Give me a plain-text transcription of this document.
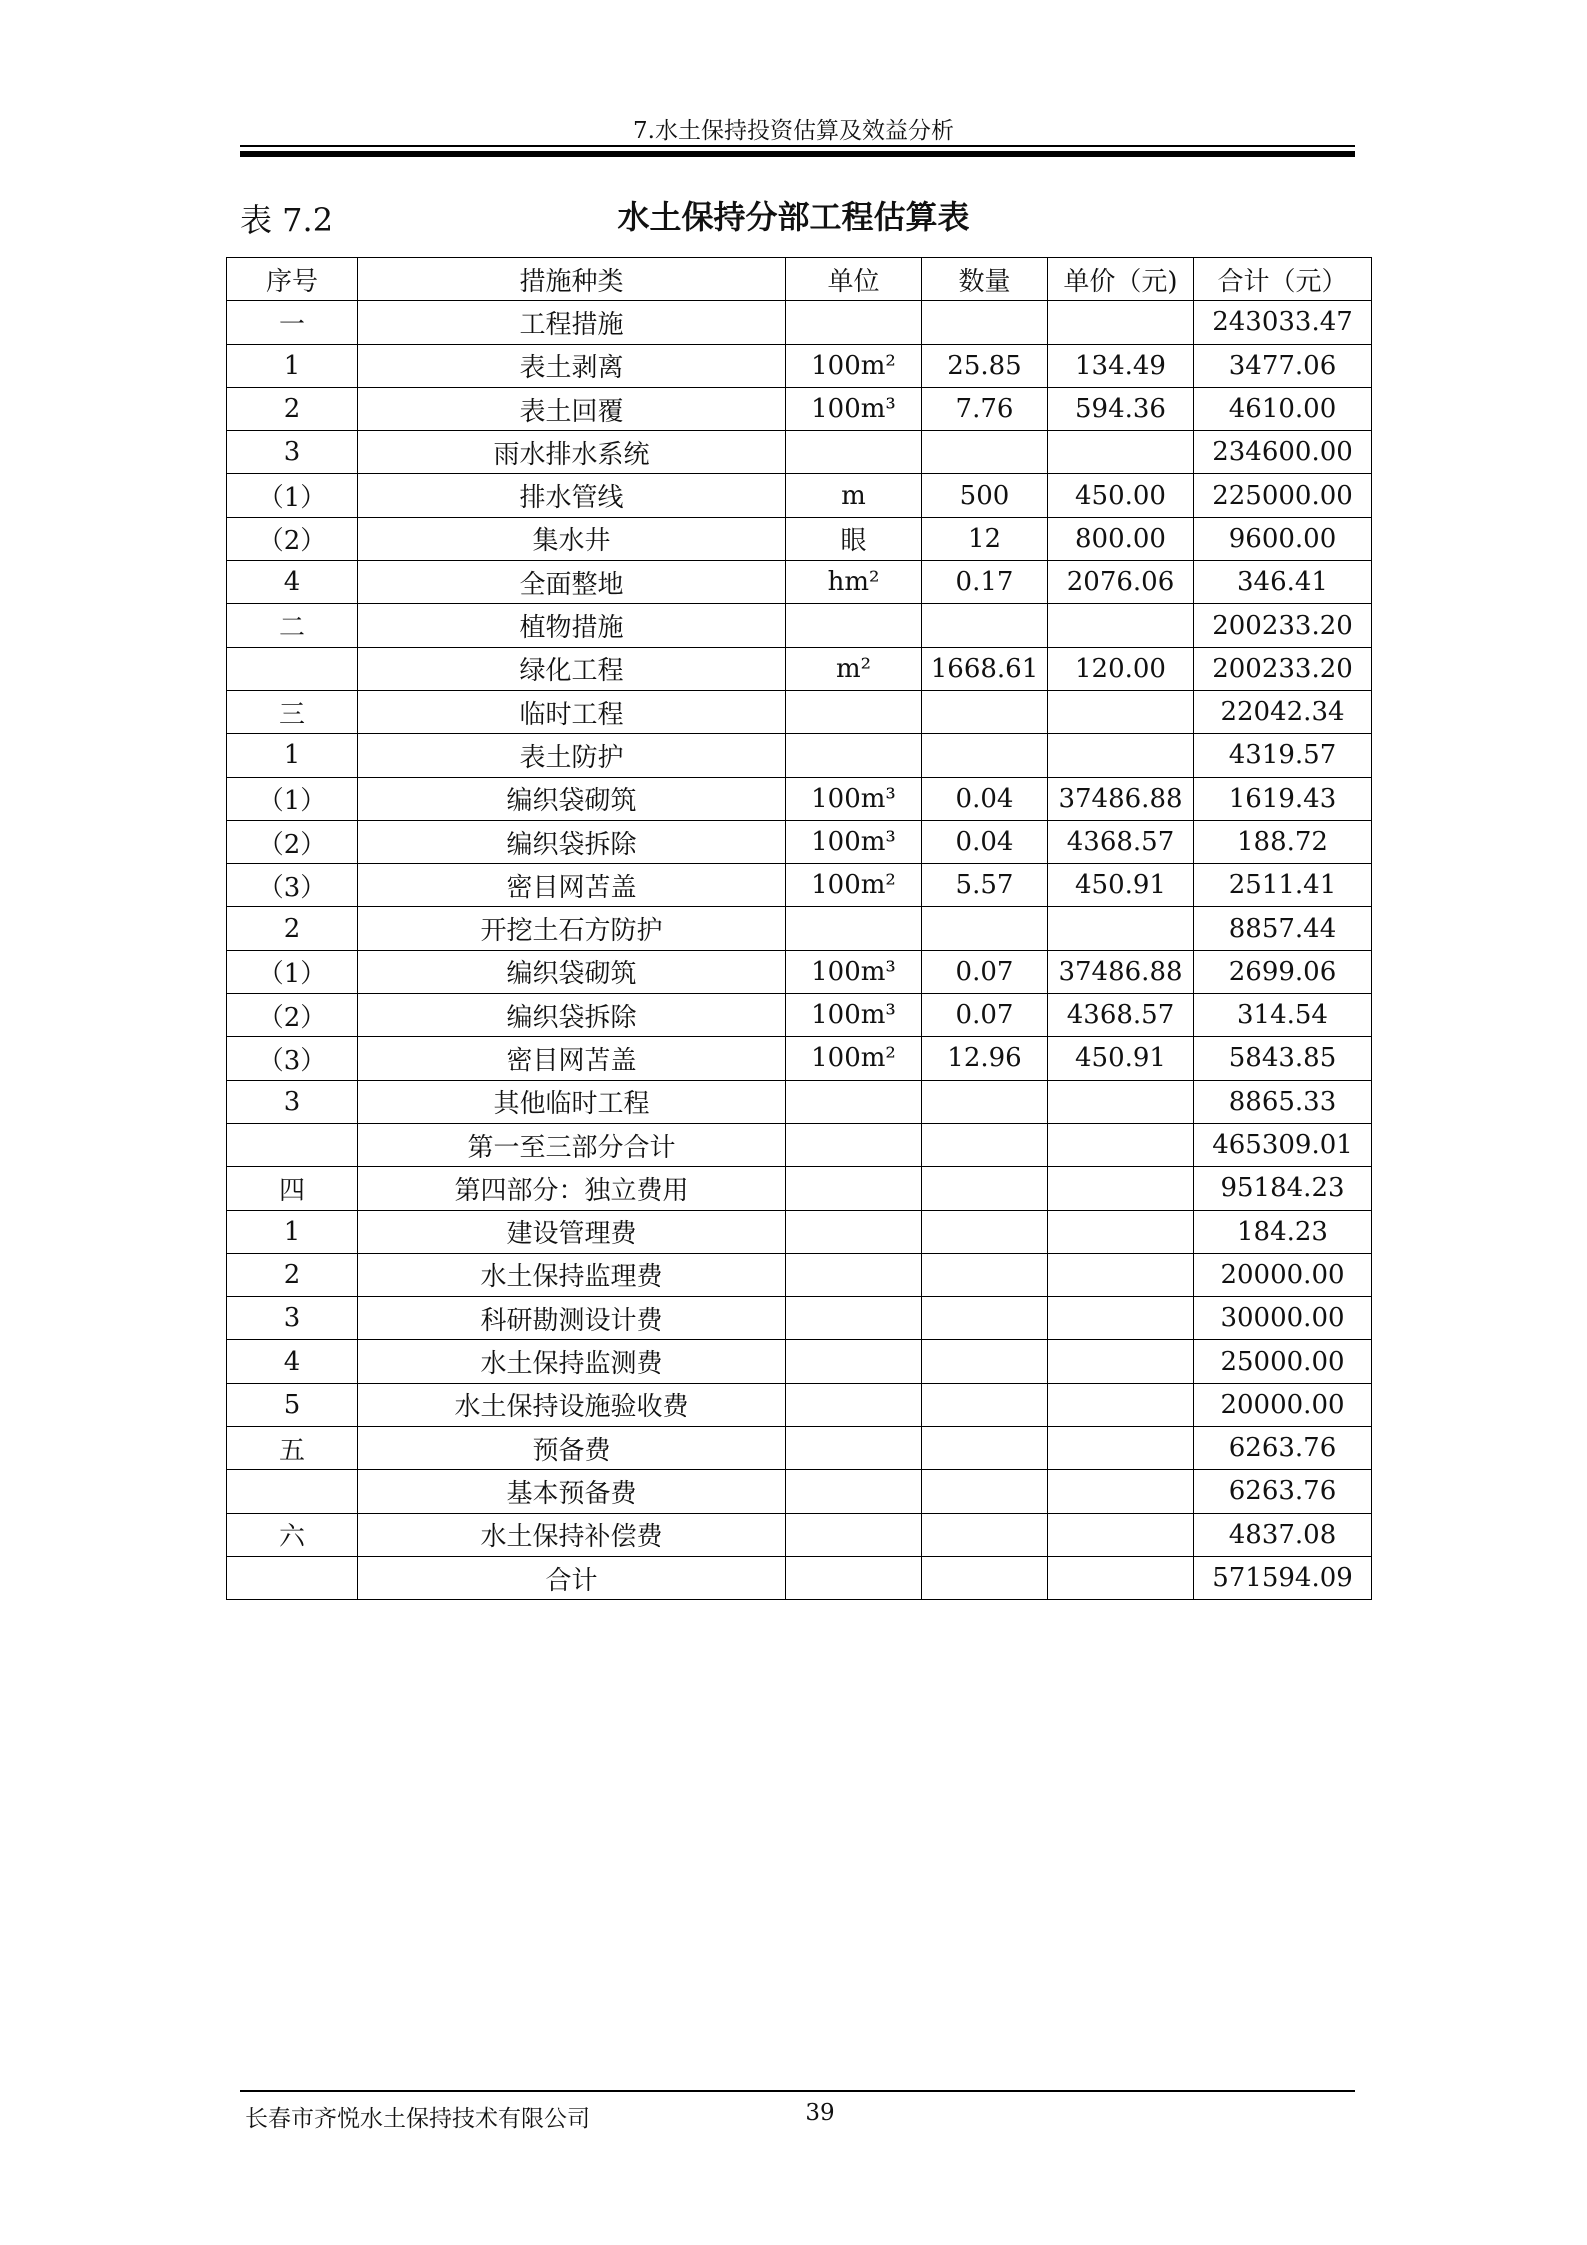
7.水土保持投资估算及效益分析
表 7.2	水土保持分部工程估算表
序号	措施种类	单位	数量	单价（元)	合计（元）
一	工程措施				243033.47
1	表土剥离	100m²	25.85	134.49	3477.06
2	表土回覆	100m³	7.76	594.36	4610.00
3	雨水排水系统				234600.00
（1）	排水管线	m	500	450.00	225000.00
（2）	集水井	眼	12	800.00	9600.00
4	全面整地	hm²	0.17	2076.06	346.41
二	植物措施				200233.20
	绿化工程	m²	1668.61	120.00	200233.20
三	临时工程				22042.34
1	表土防护				4319.57
（1）	编织袋砌筑	100m³	0.04	37486.88	1619.43
（2）	编织袋拆除	100m³	0.04	4368.57	188.72
（3）	密目网苫盖	100m²	5.57	450.91	2511.41
2	开挖土石方防护				8857.44
（1）	编织袋砌筑	100m³	0.07	37486.88	2699.06
（2）	编织袋拆除	100m³	0.07	4368.57	314.54
（3）	密目网苫盖	100m²	12.96	450.91	5843.85
3	其他临时工程				8865.33
	第一至三部分合计				465309.01
四	第四部分：独立费用				95184.23
1	建设管理费				184.23
2	水土保持监理费				20000.00
3	科研勘测设计费				30000.00
4	水土保持监测费				25000.00
5	水土保持设施验收费				20000.00
五	预备费				6263.76
	基本预备费				6263.76
六	水土保持补偿费				4837.08
	合计				571594.09
长春市齐悦水土保持技术有限公司	39
